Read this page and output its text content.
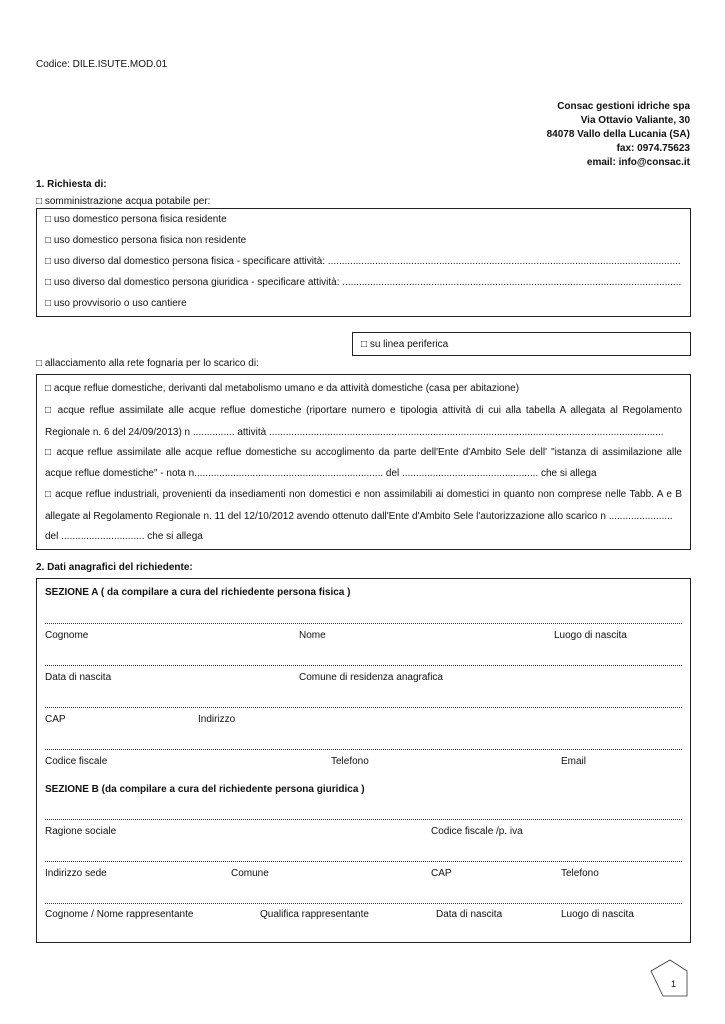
Codice: DILE.ISUTE.MOD.01
Consac gestioni idriche spa
Via Ottavio Valiante, 30
84078 Vallo della Lucania (SA)
fax: 0974.75623
email: info@consac.it
1. Richiesta di:
□ somministrazione acqua potabile per:
□ uso domestico persona fisica residente
□ uso domestico persona fisica non residente
□ uso diverso dal domestico persona fisica - specificare attività: ...............................................................................................................................
□ uso diverso dal domestico persona giuridica - specificare attività: ..........................................................................................................................
□ uso provvisorio o uso cantiere
□ su linea periferica
□ allacciamento alla rete fognaria per lo scarico di:
□ acque reflue domestiche, derivanti dal metabolismo umano e da attività domestiche (casa per abitazione)
□ acque reflue assimilate alle acque reflue domestiche (riportare numero e tipologia attività di cui alla tabella A allegata al Regolamento
Regionale n. 6 del 24/09/2013) n ............... attività ..............................................................................................................................................
□ acque reflue assimilate alle acque reflue domestiche su accoglimento da parte dell'Ente d'Ambito Sele dell' "istanza di assimilazione alle
acque reflue domestiche" - nota n.................................................................... del ................................................. che si allega
□ acque reflue industriali, provenienti da insediamenti non domestici e non assimilabili ai domestici in quanto non comprese nelle Tabb. A e B
allegate al Regolamento Regionale n. 11 del 12/10/2012 avendo ottenuto dall'Ente d'Ambito Sele l'autorizzazione allo scarico n .......................
del .............................. che si allega
2. Dati anagrafici del richiedente:
SEZIONE A ( da compilare a cura del richiedente persona fisica )
Cognome	Nome	Luogo di nascita
Data di nascita	Comune di residenza anagrafica
CAP	Indirizzo
Codice fiscale	Telefono	Email
SEZIONE B (da compilare a cura del richiedente persona giuridica )
Ragione sociale	Codice fiscale /p. iva
Indirizzo sede	Comune	CAP	Telefono
Cognome / Nome rappresentante	Qualifica rappresentante	Data di nascita	Luogo di nascita
1
